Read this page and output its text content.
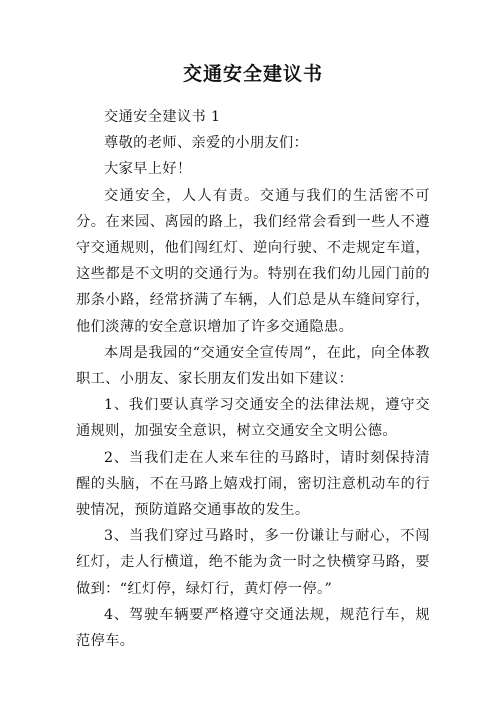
交通安全建议书

交通安全建议书 1

尊敬的老师、亲爱的小朋友们：

大家早上好！

交通安全，人人有责。交通与我们的生活密不可分。在来园、离园的路上，我们经常会看到一些人不遵守交通规则，他们闯红灯、逆向行驶、不走规定车道，这些都是不文明的交通行为。特别在我们幼儿园门前的那条小路，经常挤满了车辆，人们总是从车缝间穿行，他们淡薄的安全意识增加了许多交通隐患。

本周是我园的“交通安全宣传周”，在此，向全体教职工、小朋友、家长朋友们发出如下建议：

1、我们要认真学习交通安全的法律法规，遵守交通规则，加强安全意识，树立交通安全文明公德。

2、当我们走在人来车往的马路时，请时刻保持清醒的头脑，不在马路上嬉戏打闹，密切注意机动车的行驶情况，预防道路交通事故的发生。

3、当我们穿过马路时，多一份谦让与耐心，不闯红灯，走人行横道，绝不能为贪一时之快横穿马路，要做到：“红灯停，绿灯行，黄灯停一停。”

4、驾驶车辆要严格遵守交通法规，规范行车，规范停车。
